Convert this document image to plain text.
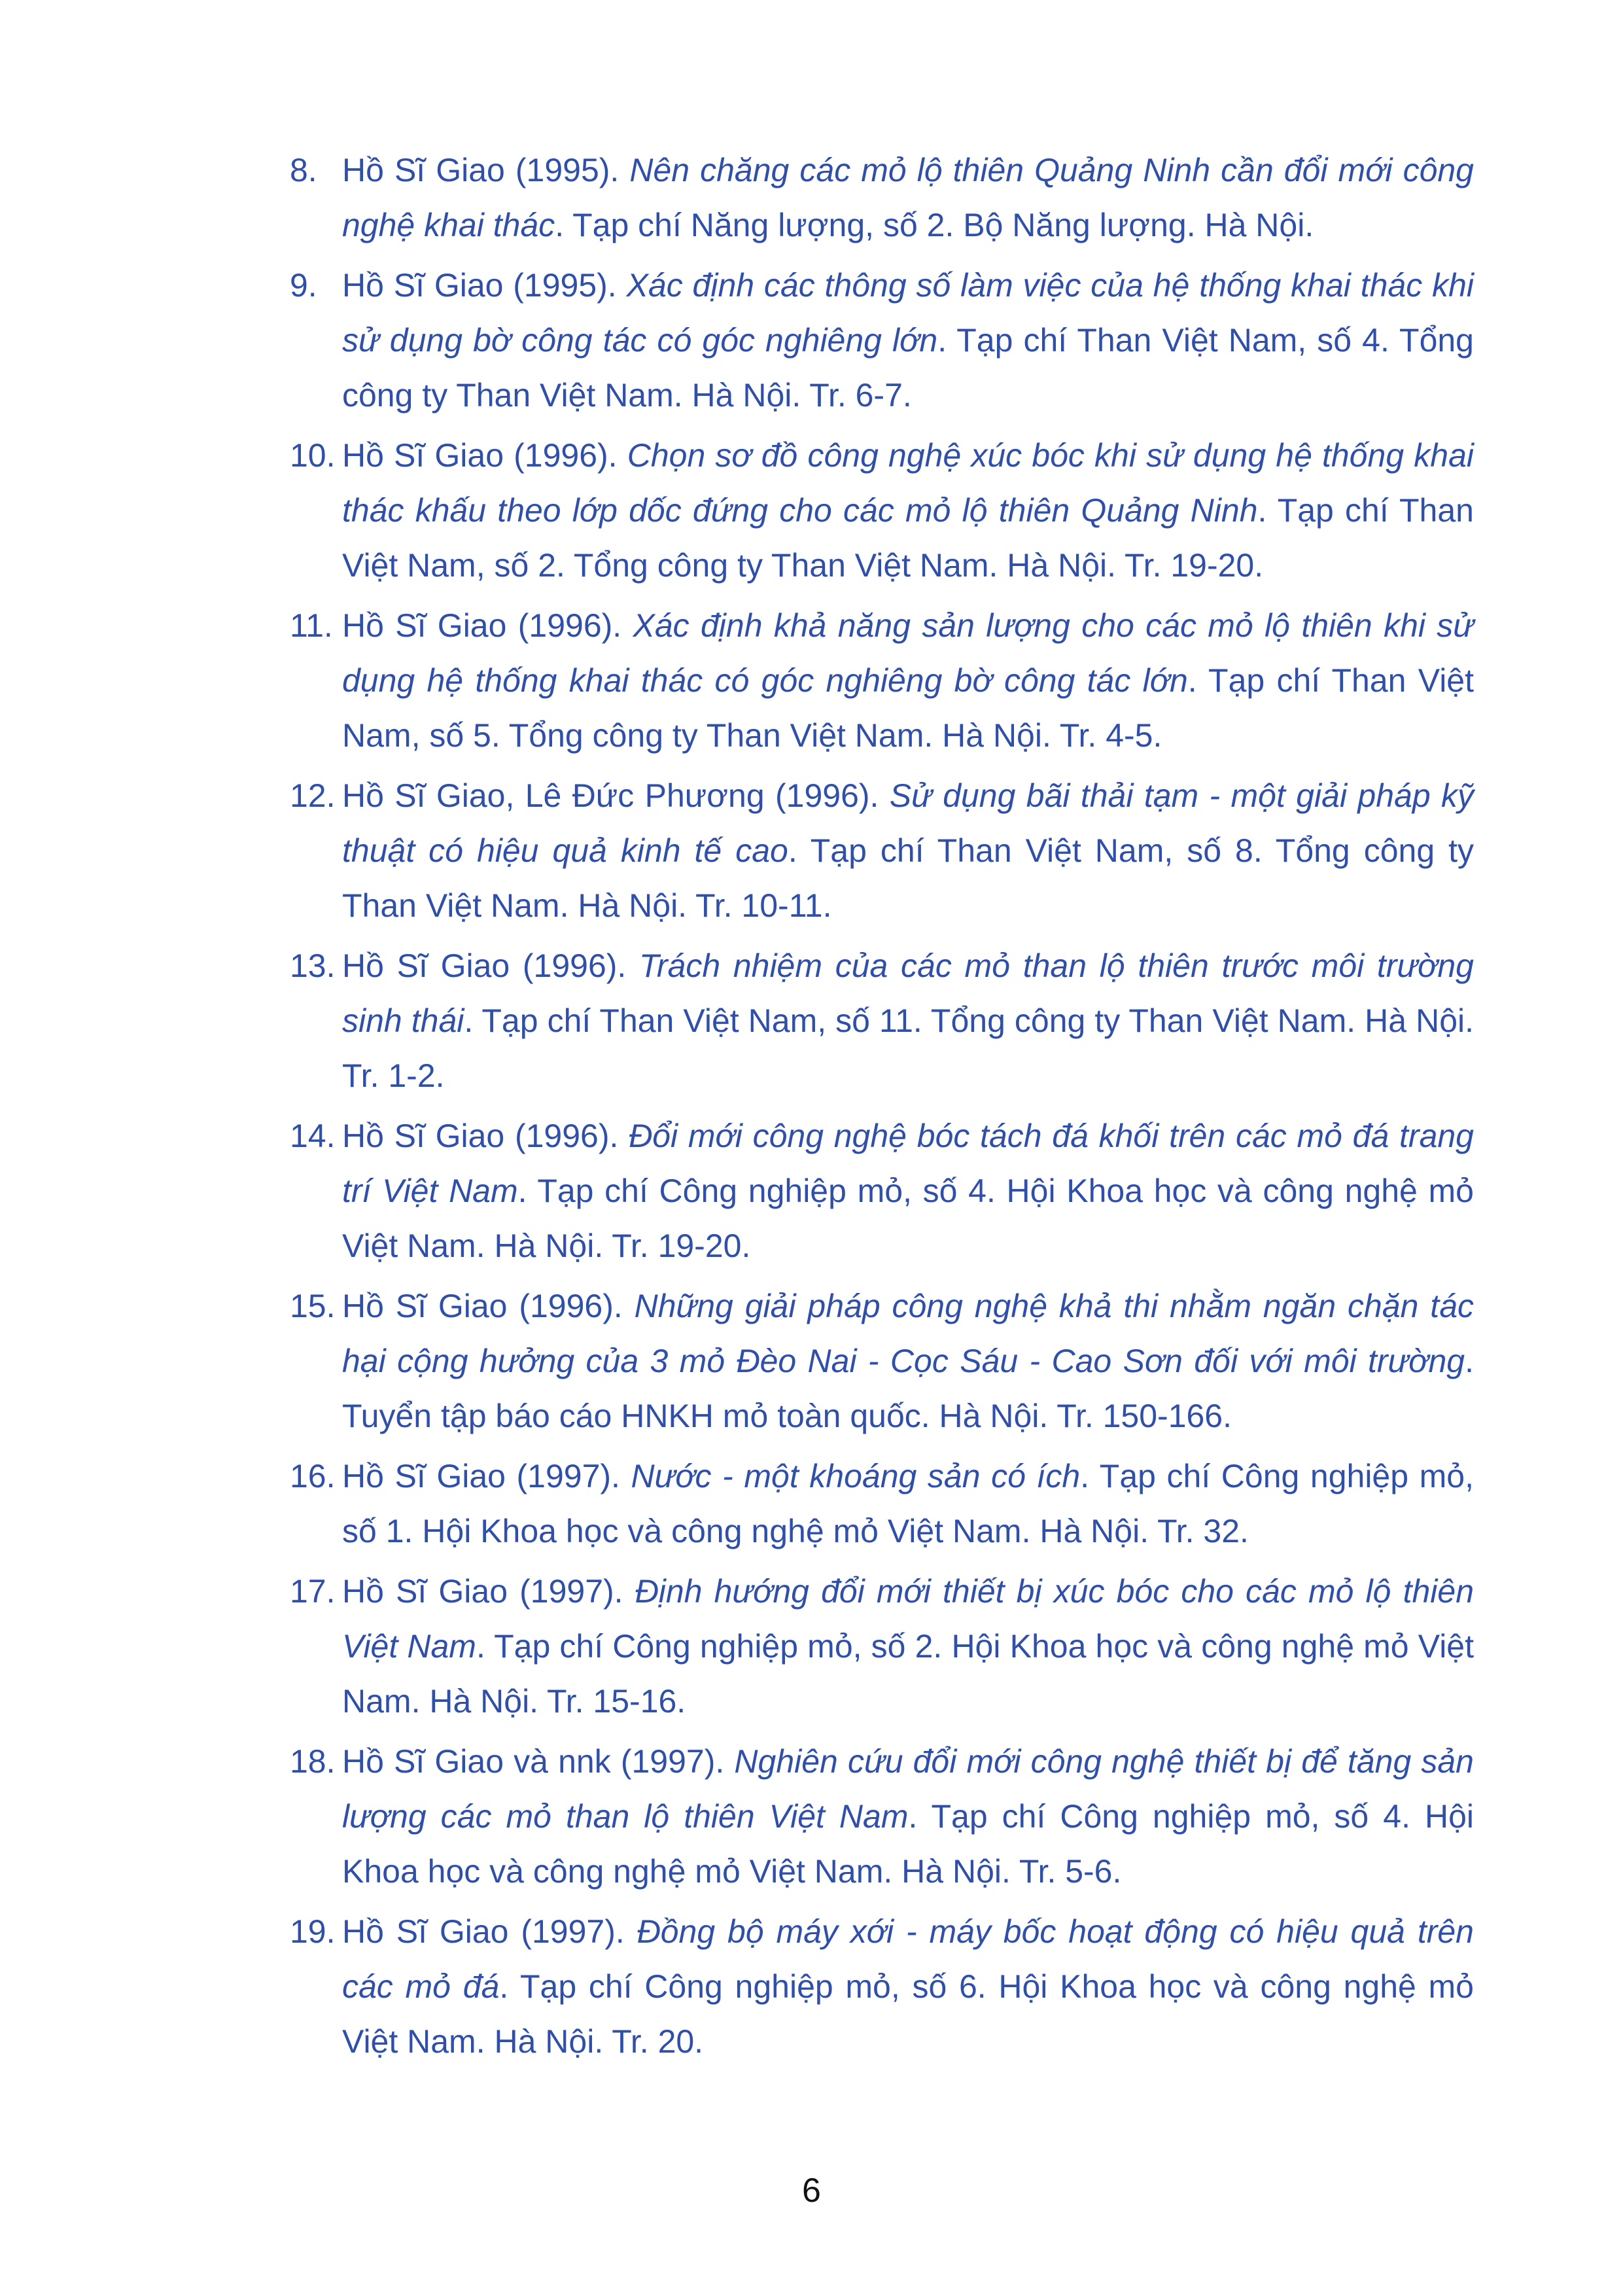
8. Hồ Sĩ Giao (1995). Nên chăng các mỏ lộ thiên Quảng Ninh cần đổi mới công nghệ khai thác. Tạp chí Năng lượng, số 2. Bộ Năng lượng. Hà Nội.
9. Hồ Sĩ Giao (1995). Xác định các thông số làm việc của hệ thống khai thác khi sử dụng bờ công tác có góc nghiêng lớn. Tạp chí Than Việt Nam, số 4. Tổng công ty Than Việt Nam. Hà Nội. Tr. 6-7.
10. Hồ Sĩ Giao (1996). Chọn sơ đồ công nghệ xúc bóc khi sử dụng hệ thống khai thác khấu theo lớp dốc đứng cho các mỏ lộ thiên Quảng Ninh. Tạp chí Than Việt Nam, số 2. Tổng công ty Than Việt Nam. Hà Nội. Tr. 19-20.
11. Hồ Sĩ Giao (1996). Xác định khả năng sản lượng cho các mỏ lộ thiên khi sử dụng hệ thống khai thác có góc nghiêng bờ công tác lớn. Tạp chí Than Việt Nam, số 5. Tổng công ty Than Việt Nam. Hà Nội. Tr. 4-5.
12. Hồ Sĩ Giao, Lê Đức Phương (1996). Sử dụng bãi thải tạm - một giải pháp kỹ thuật có hiệu quả kinh tế cao. Tạp chí Than Việt Nam, số 8. Tổng công ty Than Việt Nam. Hà Nội. Tr. 10-11.
13. Hồ Sĩ Giao (1996). Trách nhiệm của các mỏ than lộ thiên trước môi trường sinh thái. Tạp chí Than Việt Nam, số 11. Tổng công ty Than Việt Nam. Hà Nội. Tr. 1-2.
14. Hồ Sĩ Giao (1996). Đổi mới công nghệ bóc tách đá khối trên các mỏ đá trang trí Việt Nam. Tạp chí Công nghiệp mỏ, số 4. Hội Khoa học và công nghệ mỏ Việt Nam. Hà Nội. Tr. 19-20.
15. Hồ Sĩ Giao (1996). Những giải pháp công nghệ khả thi nhằm ngăn chặn tác hại cộng hưởng của 3 mỏ Đèo Nai - Cọc Sáu - Cao Sơn đối với môi trường. Tuyển tập báo cáo HNKH mỏ toàn quốc. Hà Nội. Tr. 150-166.
16. Hồ Sĩ Giao (1997). Nước - một khoáng sản có ích. Tạp chí Công nghiệp mỏ, số 1. Hội Khoa học và công nghệ mỏ Việt Nam. Hà Nội. Tr. 32.
17. Hồ Sĩ Giao (1997). Định hướng đổi mới thiết bị xúc bóc cho các mỏ lộ thiên Việt Nam. Tạp chí Công nghiệp mỏ, số 2. Hội Khoa học và công nghệ mỏ Việt Nam. Hà Nội. Tr. 15-16.
18. Hồ Sĩ Giao và nnk (1997). Nghiên cứu đổi mới công nghệ thiết bị để tăng sản lượng các mỏ than lộ thiên Việt Nam. Tạp chí Công nghiệp mỏ, số 4. Hội Khoa học và công nghệ mỏ Việt Nam. Hà Nội. Tr. 5-6.
19. Hồ Sĩ Giao (1997). Đồng bộ máy xới - máy bốc hoạt động có hiệu quả trên các mỏ đá. Tạp chí Công nghiệp mỏ, số 6. Hội Khoa học và công nghệ mỏ Việt Nam. Hà Nội. Tr. 20.
6
